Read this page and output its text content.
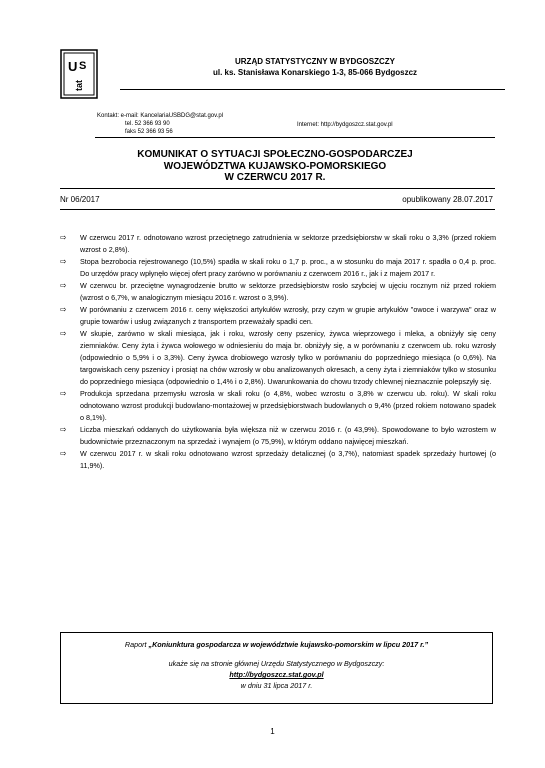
U S
tat
URZĄD STATYSTYCZNY W BYDGOSZCZY
ul. ks. Stanisława Konarskiego 1-3, 85-066 Bydgoszcz
Kontakt: e-mail: KancelariaUSBDG@stat.gov.pl
tel. 52 366 93 90
faks 52 366 93 56
Internet: http://bydgoszcz.stat.gov.pl
KOMUNIKAT O SYTUACJI SPOŁECZNO-GOSPODARCZEJ
WOJEWÓDZTWA KUJAWSKO-POMORSKIEGO
W CZERWCU 2017 R.
Nr 06/2017	opublikowany 28.07.2017
⇨ W czerwcu 2017 r. odnotowano wzrost przeciętnego zatrudnienia w sektorze przedsiębiorstw w skali roku o 3,3% (przed rokiem wzrost o 2,8%).
⇨ Stopa bezrobocia rejestrowanego (10,5%) spadła w skali roku o 1,7 p. proc., a w stosunku do maja 2017 r. spadła o 0,4 p. proc. Do urzędów pracy wpłynęło więcej ofert pracy zarówno w porównaniu z czerwcem 2016 r., jak i z majem 2017 r.
⇨ W czerwcu br. przeciętne wynagrodzenie brutto w sektorze przedsiębiorstw rosło szybciej w ujęciu rocznym niż przed rokiem (wzrost o 6,7%, w analogicznym miesiącu 2016 r. wzrost o 3,9%).
⇨ W porównaniu z czerwcem 2016 r. ceny większości artykułów wzrosły, przy czym w grupie artykułów "owoce i warzywa" oraz w grupie towarów i usług związanych z transportem przeważały spadki cen.
⇨ W skupie, zarówno w skali miesiąca, jak i roku, wzrosły ceny pszenicy, żywca wieprzowego i mleka, a obniżyły się ceny ziemniaków. Ceny żyta i żywca wołowego w odniesieniu do maja br. obniżyły się, a w porównaniu z czerwcem ub. roku wzrosły (odpowiednio o 5,9% i o 3,3%). Ceny żywca drobiowego wzrosły tylko w porównaniu do poprzedniego miesiąca (o 0,6%). Na targowiskach ceny pszenicy i prosiąt na chów wzrosły w obu analizowanych okresach, a ceny żyta i ziemniaków tylko w stosunku do poprzedniego miesiąca (odpowiednio o 1,4% i o 2,8%). Uwarunkowania do chowu trzody chlewnej nieznacznie polepszyły się.
⇨ Produkcja sprzedana przemysłu wzrosła w skali roku (o 4,8%, wobec wzrostu o 3,8% w czerwcu ub. roku). W skali roku odnotowano wzrost produkcji budowlano-montażowej w przedsiębiorstwach budowlanych o 9,4% (przed rokiem notowano spadek o 8,1%).
⇨ Liczba mieszkań oddanych do użytkowania była większa niż w czerwcu 2016 r. (o 43,9%). Spowodowane to było wzrostem w budownictwie przeznaczonym na sprzedaż i wynajem (o 75,9%), w którym oddano najwięcej mieszkań.
⇨ W czerwcu 2017 r. w skali roku odnotowano wzrost sprzedaży detalicznej (o 3,7%), natomiast spadek sprzedaży hurtowej (o 11,9%).
Raport „Koniunktura gospodarcza w województwie kujawsko-pomorskim w lipcu 2017 r.”
ukaże się na stronie głównej Urzędu Statystycznego w Bydgoszczy:
http://bydgoszcz.stat.gov.pl
w dniu 31 lipca 2017 r.
1
